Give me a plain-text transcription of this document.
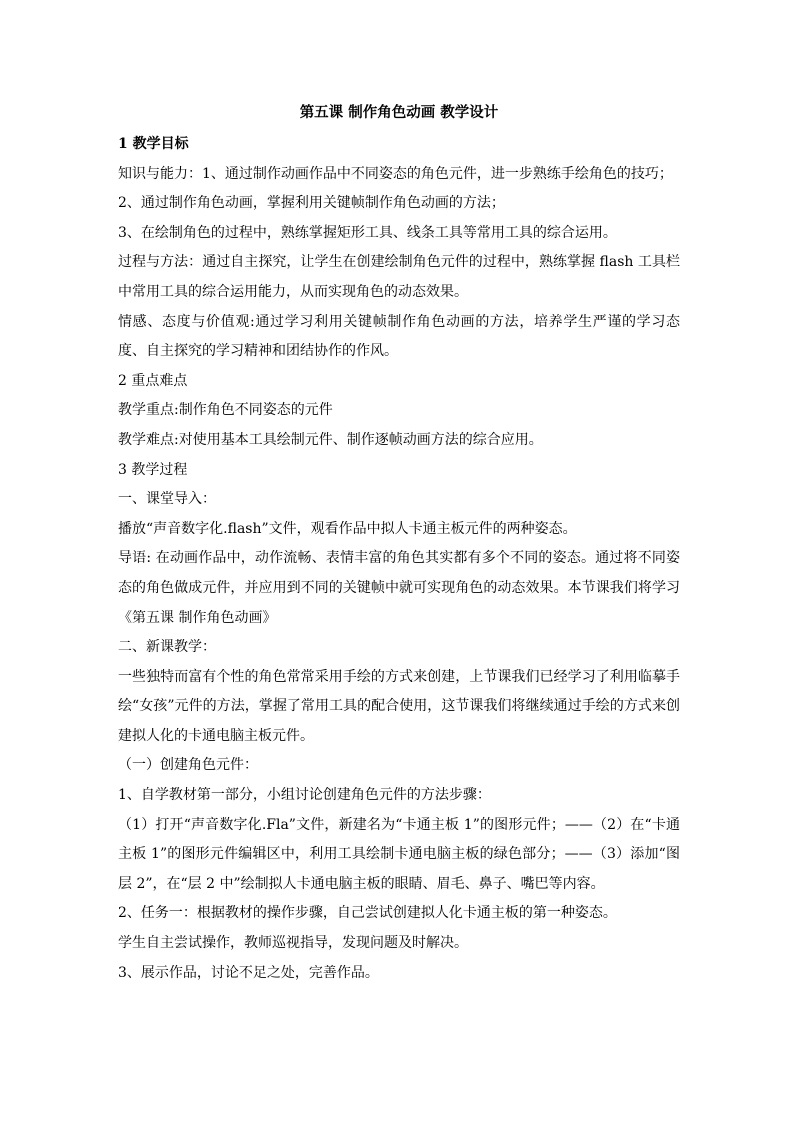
第五课 制作角色动画 教学设计

1 教学目标

知识与能力：1、通过制作动画作品中不同姿态的角色元件，进一步熟练手绘角色的技巧；

2、通过制作角色动画，掌握利用关键帧制作角色动画的方法；

3、在绘制角色的过程中，熟练掌握矩形工具、线条工具等常用工具的综合运用。

过程与方法：通过自主探究，让学生在创建绘制角色元件的过程中，熟练掌握 flash 工具栏中常用工具的综合运用能力，从而实现角色的动态效果。

情感、态度与价值观:通过学习利用关键帧制作角色动画的方法，培养学生严谨的学习态度、自主探究的学习精神和团结协作的作风。

2 重点难点

教学重点:制作角色不同姿态的元件

教学难点:对使用基本工具绘制元件、制作逐帧动画方法的综合应用。

3 教学过程

一、课堂导入：

播放“声音数字化.flash”文件，观看作品中拟人卡通主板元件的两种姿态。

导语: 在动画作品中，动作流畅、表情丰富的角色其实都有多个不同的姿态。通过将不同姿态的角色做成元件，并应用到不同的关键帧中就可实现角色的动态效果。本节课我们将学习《第五课 制作角色动画》

二、新课教学：

一些独特而富有个性的角色常常采用手绘的方式来创建，上节课我们已经学习了利用临摹手绘“女孩”元件的方法，掌握了常用工具的配合使用，这节课我们将继续通过手绘的方式来创建拟人化的卡通电脑主板元件。

（一）创建角色元件：

1、自学教材第一部分，小组讨论创建角色元件的方法步骤：

（1）打开“声音数字化.Fla”文件，新建名为“卡通主板 1”的图形元件；——（2）在“卡通主板 1”的图形元件编辑区中，利用工具绘制卡通电脑主板的绿色部分；——（3）添加“图层 2”，在“层 2 中”绘制拟人卡通电脑主板的眼睛、眉毛、鼻子、嘴巴等内容。

2、任务一：根据教材的操作步骤，自己尝试创建拟人化卡通主板的第一种姿态。

学生自主尝试操作，教师巡视指导，发现问题及时解决。

3、展示作品，讨论不足之处，完善作品。
